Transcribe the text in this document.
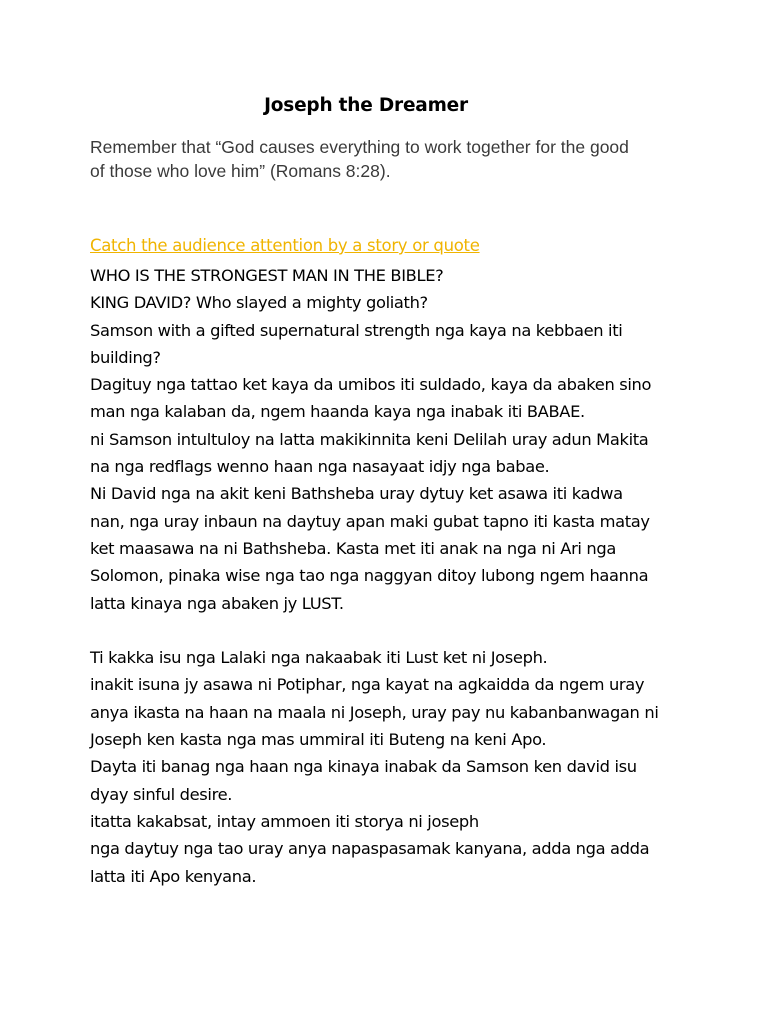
Joseph the Dreamer
Remember that “God causes everything to work together for the good
of those who love him” (Romans 8:28).
Catch the audience attention by a story or quote

WHO IS THE STRONGEST MAN IN THE BIBLE?

KING DAVID? Who slayed a mighty goliath?

Samson with a gifted supernatural strength nga kaya na kebbaen iti

building?

Dagituy nga tattao ket kaya da umibos iti suldado, kaya da abaken sino

man nga kalaban da, ngem haanda kaya nga inabak iti BABAE.

ni Samson intultuloy na latta makikinnita keni Delilah uray adun Makita

na nga redflags wenno haan nga nasayaat idjy nga babae.

Ni David nga na akit keni Bathsheba uray dytuy ket asawa iti kadwa

nan, nga uray inbaun na daytuy apan maki gubat tapno iti kasta matay

ket maasawa na ni Bathsheba. Kasta met iti anak na nga ni Ari nga

Solomon, pinaka wise nga tao nga naggyan ditoy lubong ngem haanna

latta kinaya nga abaken jy LUST.

Ti kakka isu nga Lalaki nga nakaabak iti Lust ket ni Joseph.

inakit isuna jy asawa ni Potiphar, nga kayat na agkaidda da ngem uray

anya ikasta na haan na maala ni Joseph, uray pay nu kabanbanwagan ni

Joseph ken kasta nga mas ummiral iti Buteng na keni Apo.

Dayta iti banag nga haan nga kinaya inabak da Samson ken david isu

dyay sinful desire.

itatta kakabsat, intay ammoen iti storya ni joseph

nga daytuy nga tao uray anya napaspasamak kanyana, adda nga adda

latta iti Apo kenyana.
